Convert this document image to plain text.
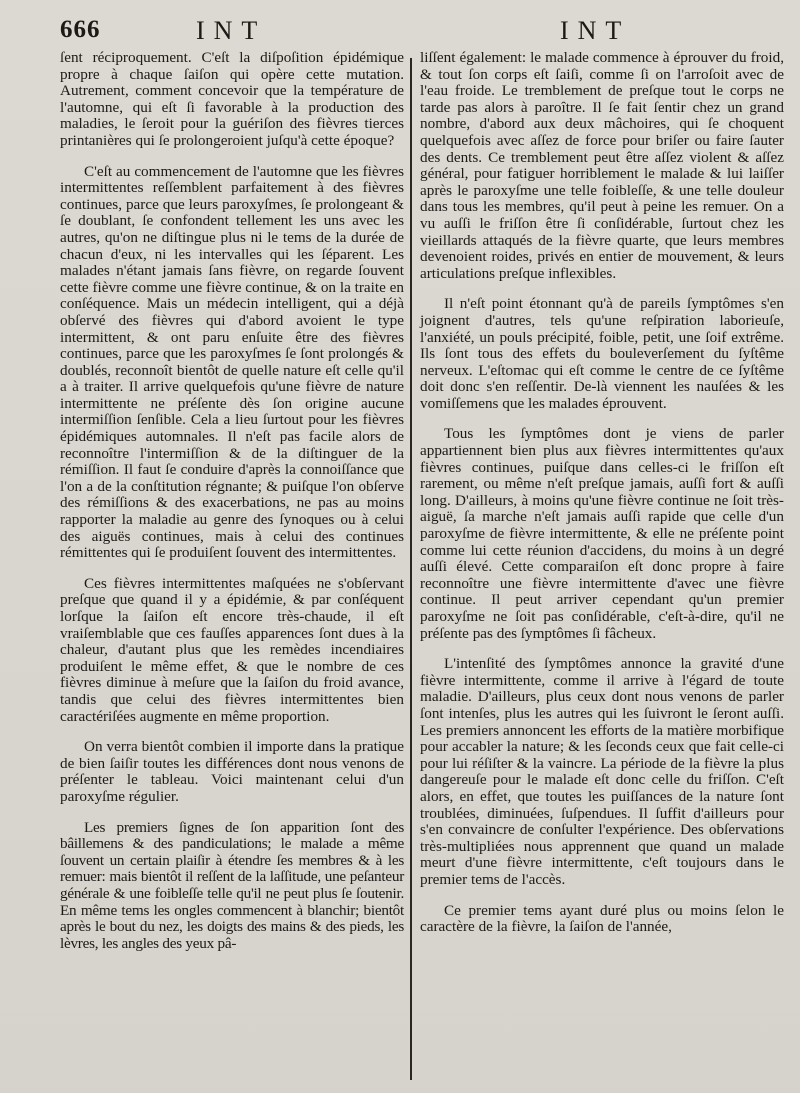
666	INT	INT

ſent réciproquement. C'eſt la diſpoſition épidémique propre à chaque ſaiſon qui opère cette mutation. Autrement, comment concevoir que la température de l'automne, qui eſt ſi favorable à la production des maladies, le ſeroit pour la guériſon des fièvres tierces printanières qui ſe prolongeroient juſqu'à cette époque?

C'eſt au commencement de l'automne que les fièvres intermittentes reſſemblent parfaitement à des fièvres continues, parce que leurs paroxyſmes, ſe prolongeant & ſe doublant, ſe confondent tellement les uns avec les autres, qu'on ne diſtingue plus ni le tems de la durée de chacun d'eux, ni les intervalles qui les ſéparent. Les malades n'étant jamais ſans fièvre, on regarde ſouvent cette fièvre comme une fièvre continue, & on la traite en conſéquence. Mais un médecin intelligent, qui a déjà obſervé des fièvres qui d'abord avoient le type intermittent, & ont paru enſuite être des fièvres continues, parce que les paroxyſmes ſe ſont prolongés & doublés, reconnoît bientôt de quelle nature eſt celle qu'il a à traiter. Il arrive quelquefois qu'une fièvre de nature intermittente ne préſente dès ſon origine aucune intermiſſion ſenſible. Cela a lieu ſurtout pour les fièvres épidémiques automnales. Il n'eſt pas facile alors de reconnoître l'intermiſſion & de la diſtinguer de la rémiſſion. Il faut ſe conduire d'après la connoiſſance que l'on a de la conſtitution régnante; & puiſque l'on obſerve des rémiſſions & des exacerbations, ne pas au moins rapporter la maladie au genre des ſynoques ou à celui des aiguës continues, mais à celui des continues rémittentes qui ſe produiſent ſouvent des intermittentes.

Ces fièvres intermittentes maſquées ne s'obſervant preſque que quand il y a épidémie, & par conſéquent lorſque la ſaiſon eſt encore très-chaude, il eſt vraiſemblable que ces fauſſes apparences ſont dues à la chaleur, d'autant plus que les remèdes incendiaires produiſent le même effet, & que le nombre de ces fièvres diminue à meſure que la ſaiſon du froid avance, tandis que celui des fièvres intermittentes bien caractériſées augmente en même proportion.

On verra bientôt combien il importe dans la pratique de bien ſaiſir toutes les différences dont nous venons de préſenter le tableau. Voici maintenant celui d'un paroxyſme régulier.

Les premiers ſignes de ſon apparition ſont des bâillemens & des pandiculations; le malade a même ſouvent un certain plaiſir à étendre ſes membres & à les remuer: mais bientôt il reſſent de la laſſitude, une peſanteur générale & une foibleſſe telle qu'il ne peut plus ſe ſoutenir. En même tems les ongles commencent à blanchir; bientôt après le bout du nez, les doigts des mains & des pieds, les lèvres, les angles des yeux pâ-

liſſent également: le malade commence à éprouver du froid, & tout ſon corps eſt ſaiſi, comme ſi on l'arroſoit avec de l'eau froide. Le tremblement de preſque tout le corps ne tarde pas alors à paroître. Il ſe fait ſentir chez un grand nombre, d'abord aux deux mâchoires, qui ſe choquent quelquefois avec aſſez de force pour briſer ou faire ſauter des dents. Ce tremblement peut être aſſez violent & aſſez général, pour fatiguer horriblement le malade & lui laiſſer après le paroxyſme une telle foibleſſe, & une telle douleur dans tous les membres, qu'il peut à peine les remuer. On a vu auſſi le friſſon être ſi conſidérable, ſurtout chez les vieillards attaqués de la fièvre quarte, que leurs membres devenoient roides, privés en entier de mouvement, & leurs articulations preſque inflexibles.

Il n'eſt point étonnant qu'à de pareils ſymptômes s'en joignent d'autres, tels qu'une reſpiration laborieuſe, l'anxiété, un pouls précipité, foible, petit, une ſoif extrême. Ils ſont tous des effets du bouleverſement du ſyſtême nerveux. L'eſtomac qui eſt comme le centre de ce ſyſtême doit donc s'en reſſentir. De-là viennent les nauſées & les vomiſſemens que les malades éprouvent.

Tous les ſymptômes dont je viens de parler appartiennent bien plus aux fièvres intermittentes qu'aux fièvres continues, puiſque dans celles-ci le friſſon eſt rarement, ou même n'eſt preſque jamais, auſſi fort & auſſi long. D'ailleurs, à moins qu'une fièvre continue ne ſoit très-aiguë, ſa marche n'eſt jamais auſſi rapide que celle d'un paroxyſme de fièvre intermittente, & elle ne préſente point comme lui cette réunion d'accidens, du moins à un degré auſſi élevé. Cette comparaiſon eſt donc propre à faire reconnoître une fièvre intermittente d'avec une fièvre continue. Il peut arriver cependant qu'un premier paroxyſme ne ſoit pas conſidérable, c'eſt-à-dire, qu'il ne préſente pas des ſymptômes ſi fâcheux.

L'intenſité des ſymptômes annonce la gravité d'une fièvre intermittente, comme il arrive à l'égard de toute maladie. D'ailleurs, plus ceux dont nous venons de parler ſont intenſes, plus les autres qui les ſuivront le ſeront auſſi. Les premiers annoncent les efforts de la matière morbifique pour accabler la nature; & les ſeconds ceux que fait celle-ci pour lui réſiſter & la vaincre. La période de la fièvre la plus dangereuſe pour le malade eſt donc celle du friſſon. C'eſt alors, en effet, que toutes les puiſſances de la nature ſont troublées, diminuées, ſuſpendues. Il ſuffit d'ailleurs pour s'en convaincre de conſulter l'expérience. Des obſervations très-multipliées nous apprennent que quand un malade meurt d'une fièvre intermittente, c'eſt toujours dans le premier tems de l'accès.

Ce premier tems ayant duré plus ou moins ſelon le caractère de la fièvre, la ſaiſon de l'année,
